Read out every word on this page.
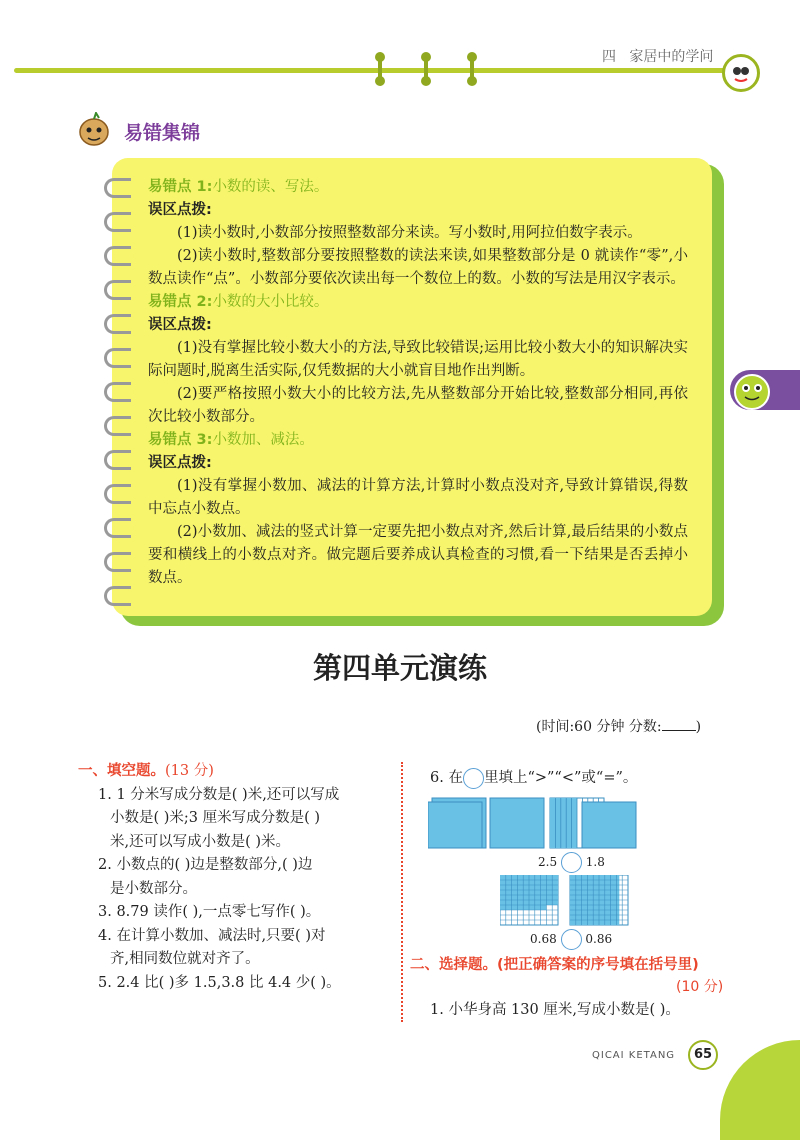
四   家居中的学问
易错集锦
易错点 1:小数的读、写法。
误区点拨:
(1)读小数时,小数部分按照整数部分来读。写小数时,用阿拉伯数字表示。
(2)读小数时,整数部分要按照整数的读法来读,如果整数部分是 0 就读作“零”,小数点读作“点”。小数部分要依次读出每一个数位上的数。小数的写法是用汉字表示。
易错点 2:小数的大小比较。
误区点拨:
(1)没有掌握比较小数大小的方法,导致比较错误;运用比较小数大小的知识解决实际问题时,脱离生活实际,仅凭数据的大小就盲目地作出判断。
(2)要严格按照小数大小的比较方法,先从整数部分开始比较,整数部分相同,再依次比较小数部分。
易错点 3:小数加、减法。
误区点拨:
(1)没有掌握小数加、减法的计算方法,计算时小数点没对齐,导致计算错误,得数中忘点小数点。
(2)小数加、减法的竖式计算一定要先把小数点对齐,然后计算,最后结果的小数点要和横线上的小数点对齐。做完题后要养成认真检查的习惯,看一下结果是否丢掉小数点。
第四单元演练
(时间:60 分钟 分数: )
一、填空题。(13 分)
1. 1 分米写成分数是( )米,还可以写成
小数是( )米;3 厘米写成分数是( )
米,还可以写成小数是( )米。
2. 小数点的( )边是整数部分,( )边
是小数部分。
3. 8.79 读作( ),一点零七写作( )。
4. 在计算小数加、减法时,只要( )对
齐,相同数位就对齐了。
5. 2.4 比( )多 1.5,3.8 比 4.4 少( )。
6. 在 里填上“>”“<”或“=”。
2.5 1.8
0.68 0.86
二、选择题。(把正确答案的序号填在括号里)
(10 分)
1. 小华身高 130 厘米,写成小数是( )。
QICAI KETANG	65
